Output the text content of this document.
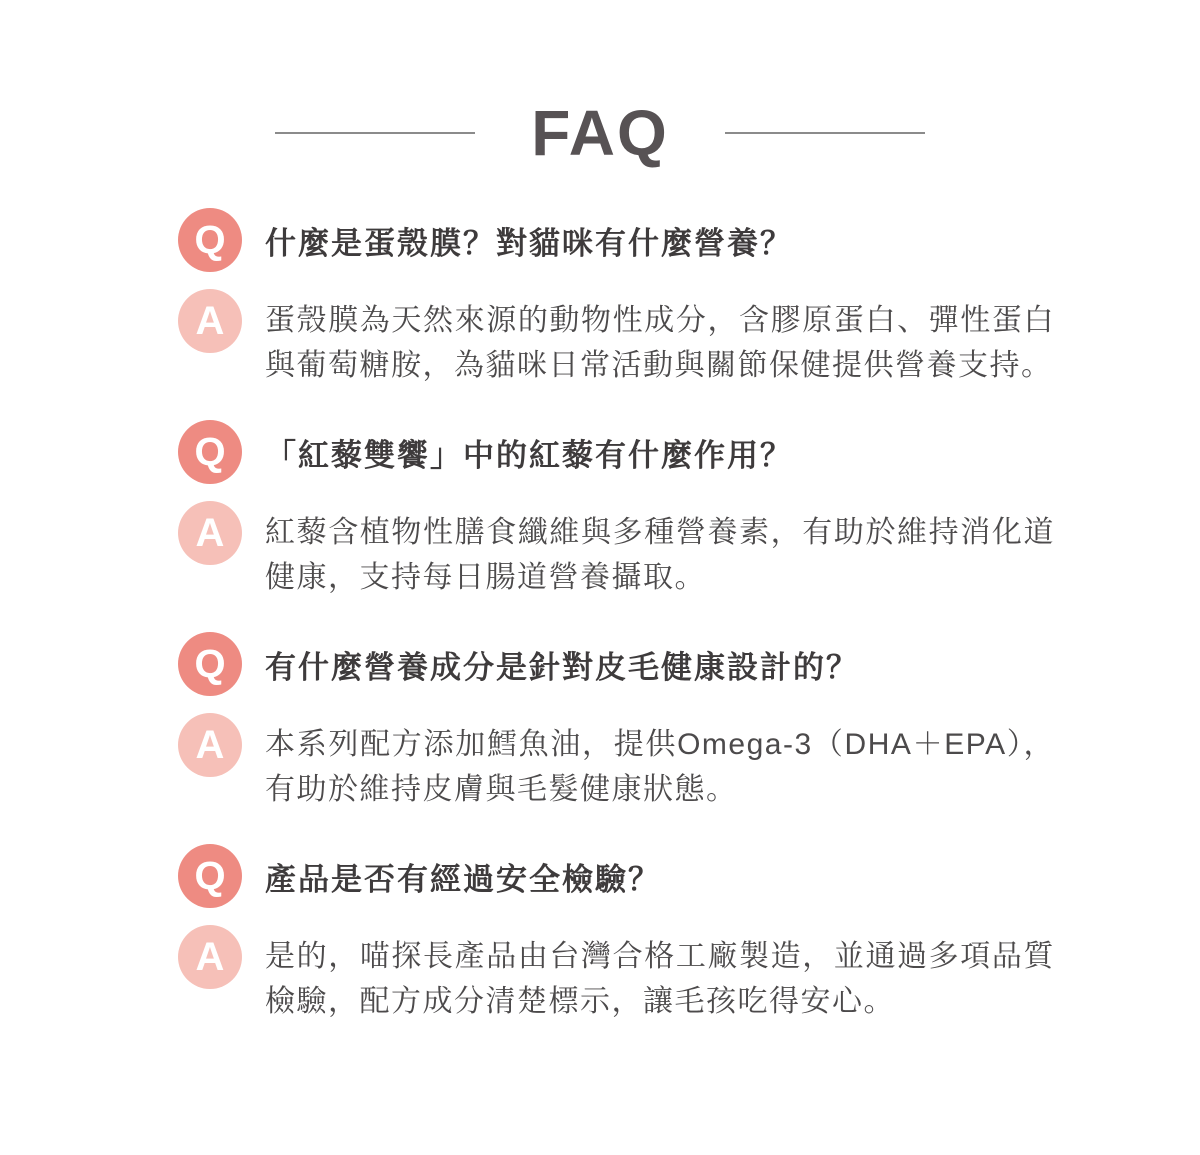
FAQ
Q	什麼是蛋殼膜？對貓咪有什麼營養？
A	蛋殼膜為天然來源的動物性成分，含膠原蛋白、彈性蛋白與葡萄糖胺，為貓咪日常活動與關節保健提供營養支持。
Q	「紅藜雙饗」中的紅藜有什麼作用？
A	紅藜含植物性膳食纖維與多種營養素，有助於維持消化道健康，支持每日腸道營養攝取。
Q	有什麼營養成分是針對皮毛健康設計的？
A	本系列配方添加鱈魚油，提供Omega-3（DHA＋EPA），有助於維持皮膚與毛髮健康狀態。
Q	產品是否有經過安全檢驗？
A	是的，喵探長產品由台灣合格工廠製造，並通過多項品質檢驗，配方成分清楚標示，讓毛孩吃得安心。
